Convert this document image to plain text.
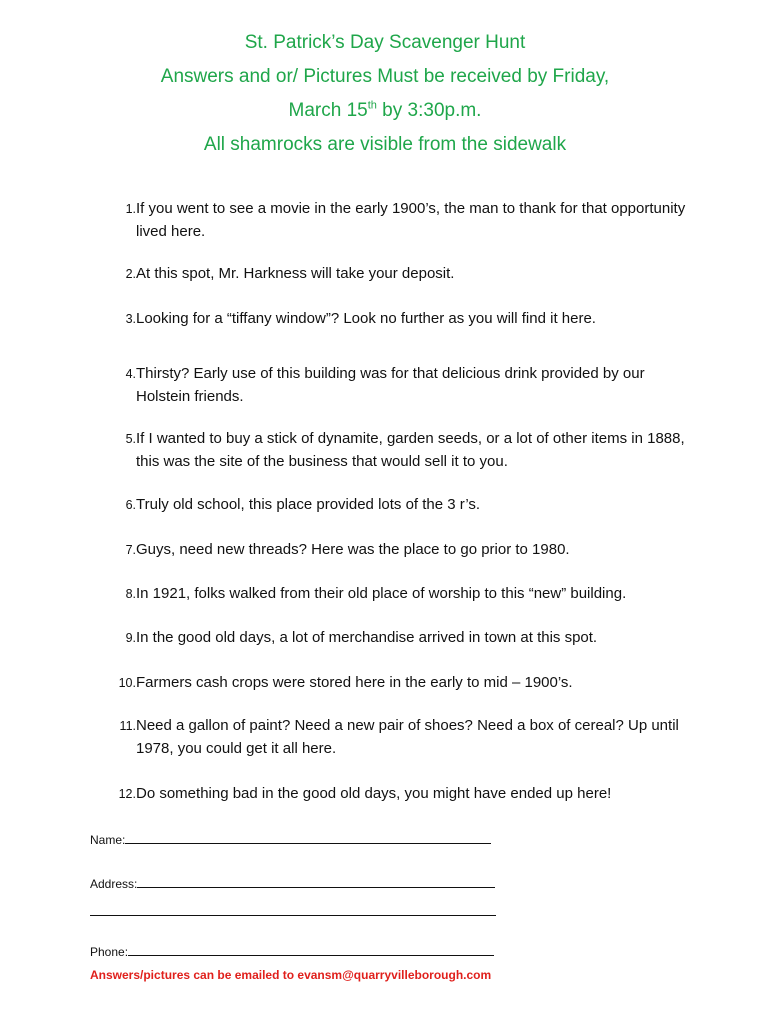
St. Patrick’s Day Scavenger Hunt
Answers and or/ Pictures Must be received by Friday,
March 15th by 3:30p.m.
All shamrocks are visible from the sidewalk
1. If you went to see a movie in the early 1900’s, the man to thank for that opportunity lived here.
2. At this spot, Mr. Harkness will take your deposit.
3. Looking for a “tiffany window”? Look no further as you will find it here.
4. Thirsty? Early use of this building was for that delicious drink provided by our Holstein friends.
5. If I wanted to buy a stick of dynamite, garden seeds, or a lot of other items in 1888, this was the site of the business that would sell it to you.
6. Truly old school, this place provided lots of the 3 r’s.
7. Guys, need new threads? Here was the place to go prior to 1980.
8. In 1921, folks walked from their old place of worship to this “new” building.
9. In the good old days, a lot of merchandise arrived in town at this spot.
10. Farmers cash crops were stored here in the early to mid – 1900’s.
11. Need a gallon of paint? Need a new pair of shoes? Need a box of cereal? Up until 1978, you could get it all here.
12. Do something bad in the good old days, you might have ended up here!
Name:
Address:
Phone:
Answers/pictures can be emailed to evansm@quarryvilleborough.com
